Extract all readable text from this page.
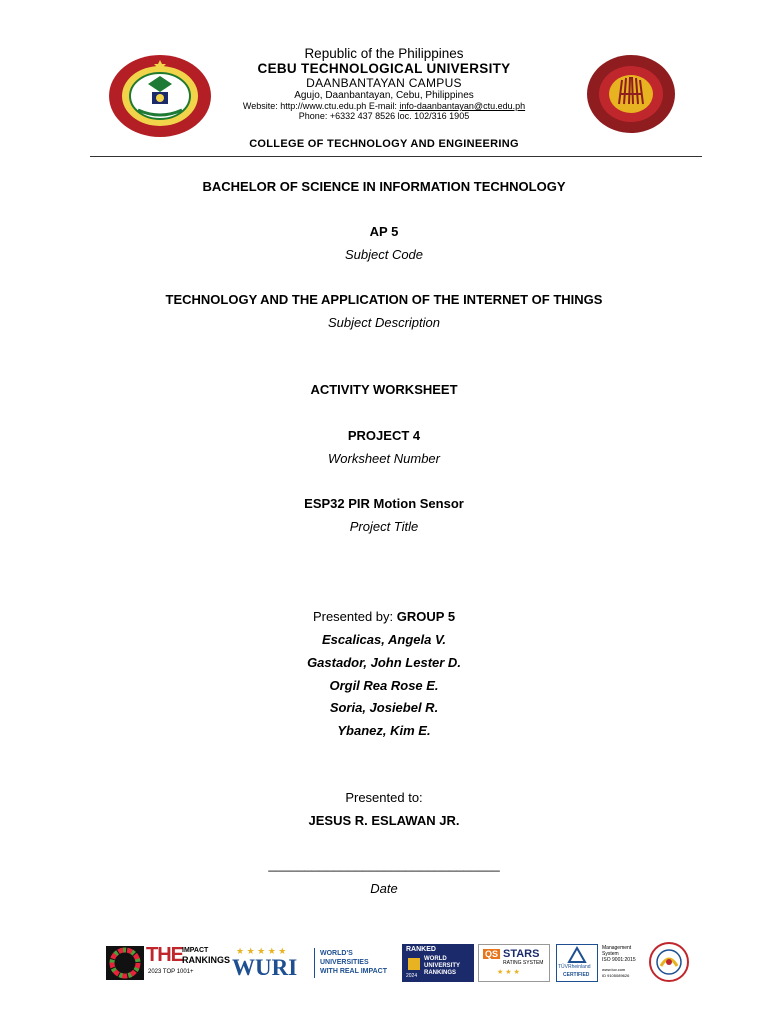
Republic of the Philippines
CEBU TECHNOLOGICAL UNIVERSITY
DAANBANTAYAN CAMPUS
Agujo, Daanbantayan, Cebu, Philippines
Website: http://www.ctu.edu.ph E-mail: info-daanbantayan@ctu.edu.ph
Phone: +6332 437 8526 loc. 102/316 1905
COLLEGE OF TECHNOLOGY AND ENGINEERING
BACHELOR OF SCIENCE IN INFORMATION TECHNOLOGY
AP 5
Subject Code
TECHNOLOGY AND THE APPLICATION OF THE INTERNET OF THINGS
Subject Description
ACTIVITY WORKSHEET
PROJECT 4
Worksheet Number
ESP32 PIR Motion Sensor
Project Title
Presented by: GROUP 5
Escalicas, Angela V.
Gastador, John Lester D.
Orgil Rea Rose E.
Soria, Josiebel R.
Ybanez, Kim E.
Presented to:
JESUS R. ESLAWAN JR.
________________________________
Date
THE IMPACT
RANKINGS
2023 TOP 1001+
★ ★ ★ ★ ★
WURI
WORLD'S
UNIVERSITIES
WITH REAL IMPACT
RANKED
WORLD
UNIVERSITY
RANKINGS
2024
QS STARS
RATING SYSTEM
★ ★ ★
TÜVRheinland
CERTIFIED
Management
System
ISO 9001:2015
www.tuv.com
ID 9105089626
